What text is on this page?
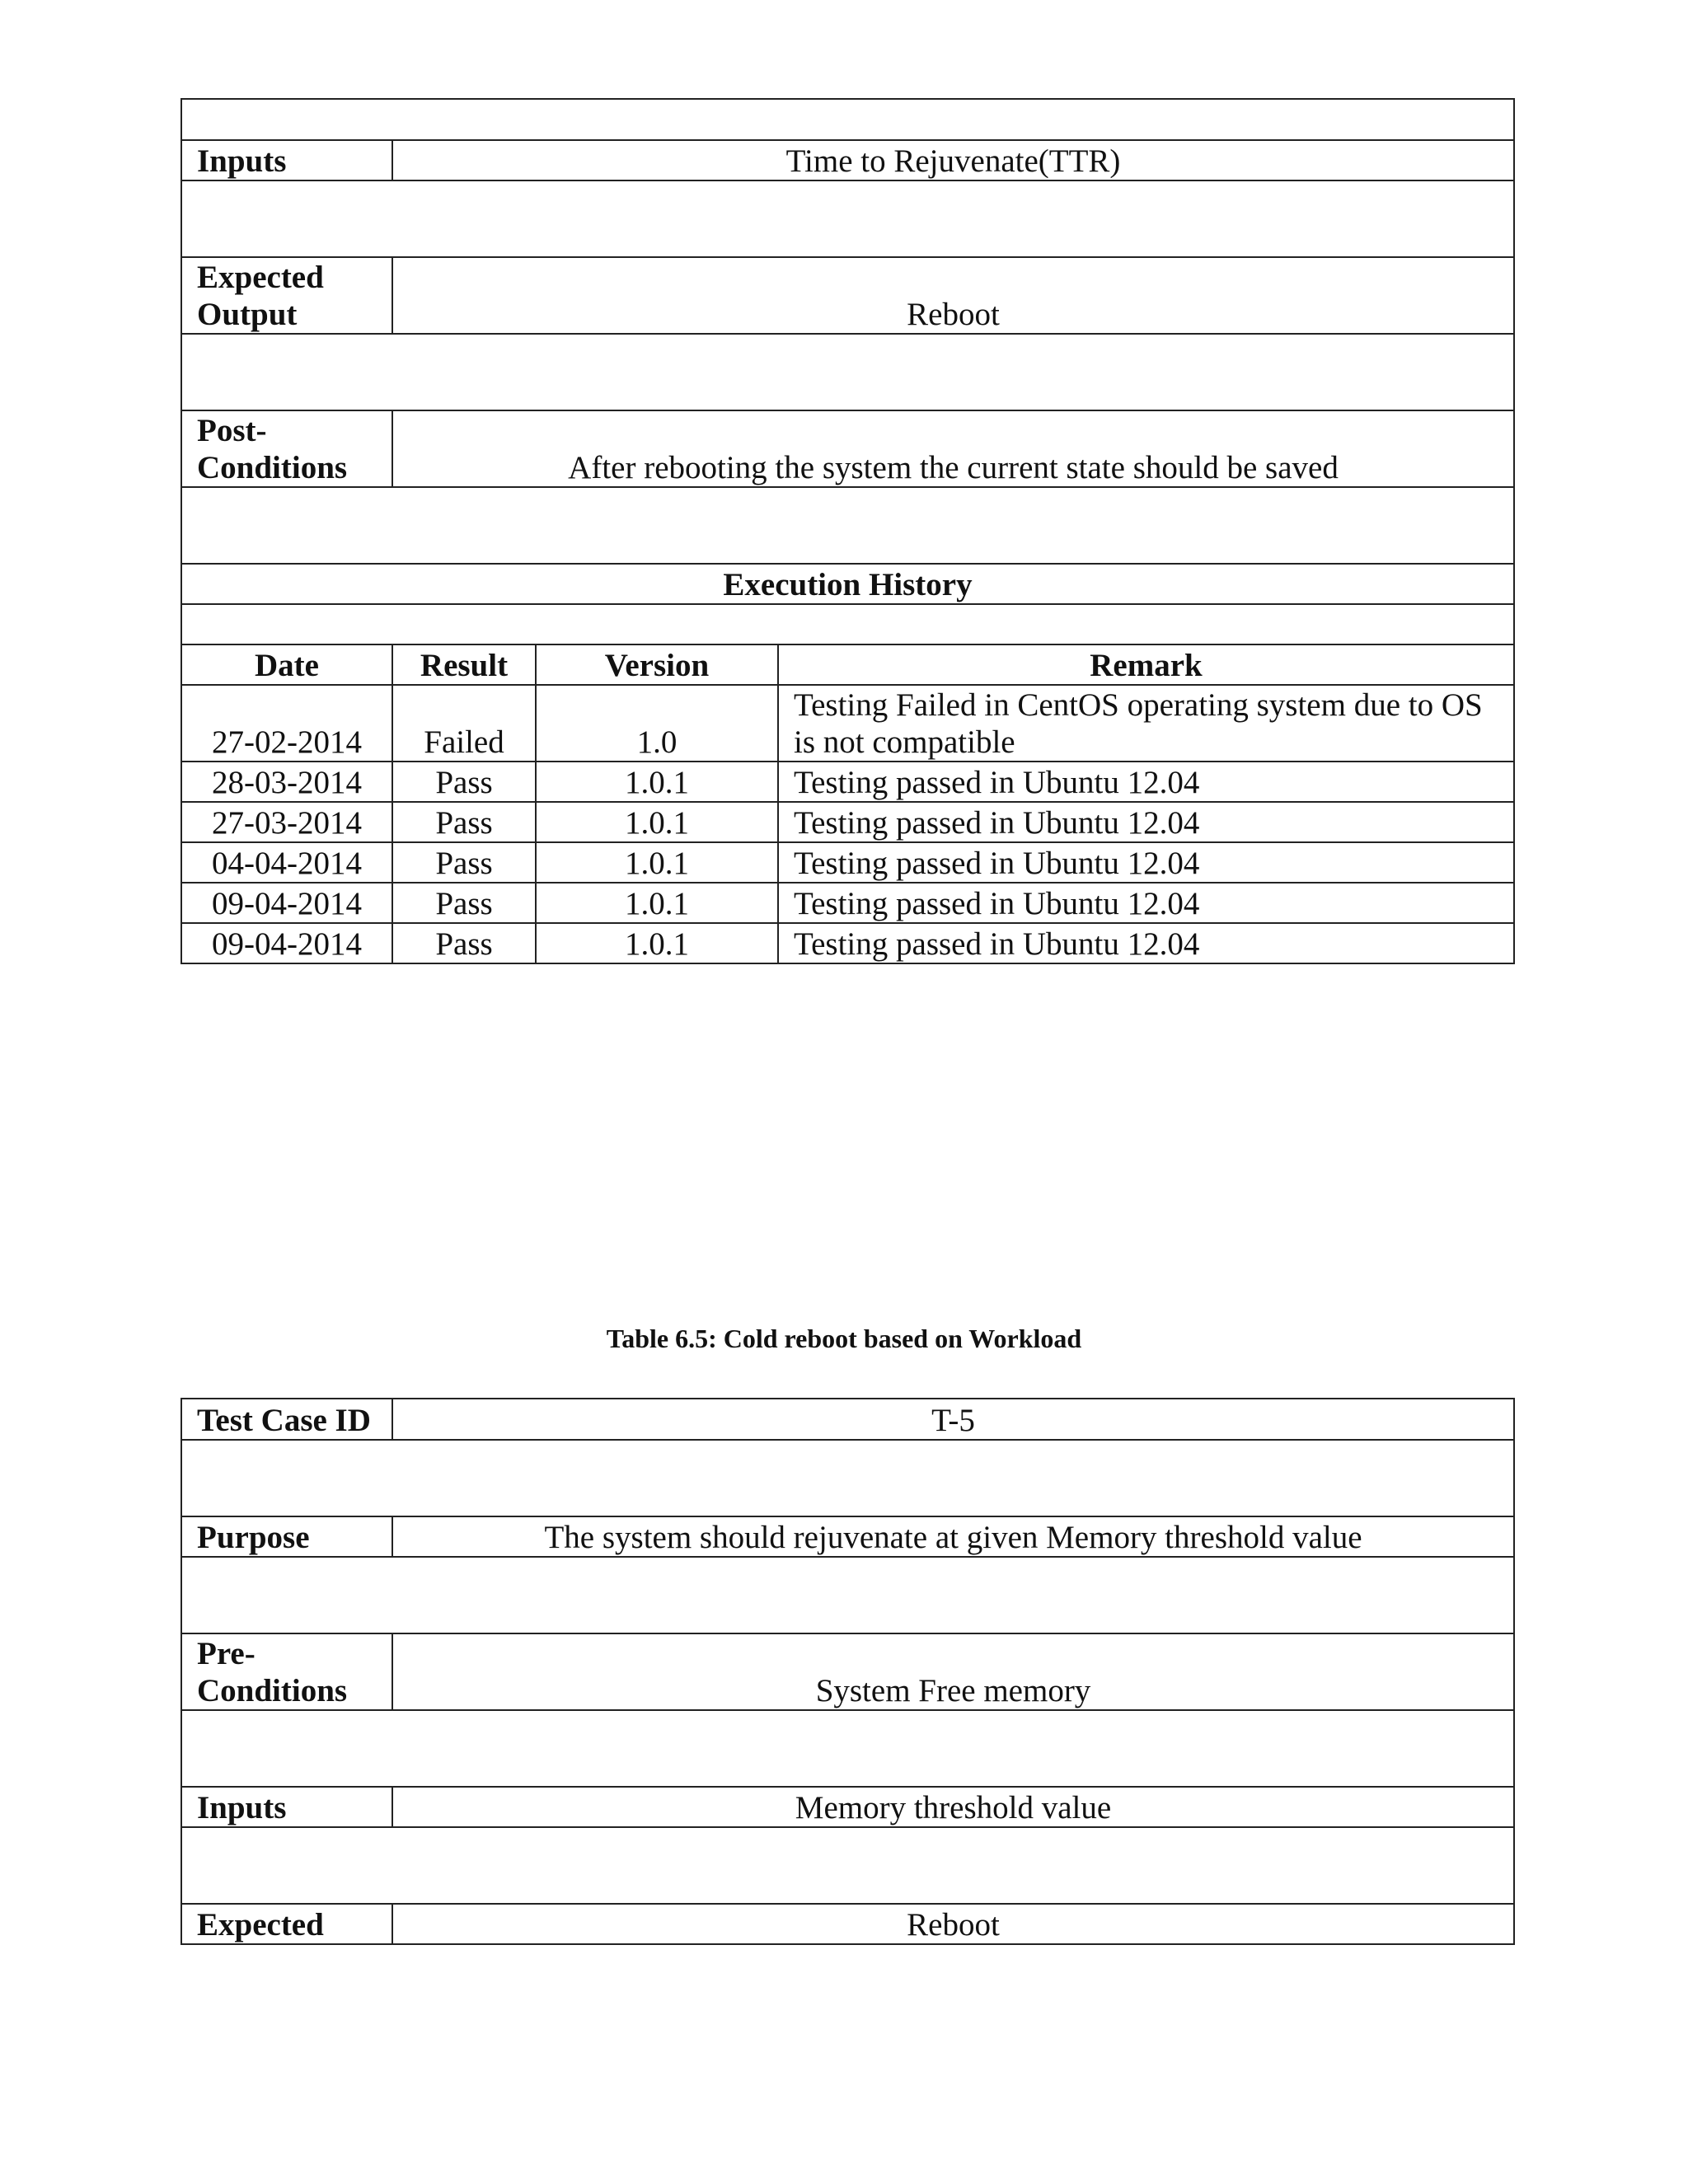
Inputs	Time to Rejuvenate(TTR)		

Expected Output	Reboot		

Post- Conditions	After rebooting the system the current state should be saved		

Execution History			

Date	Result	Version	Remark
27-02-2014	Failed	1.0	Testing Failed in CentOS operating system due to OS is not compatible
28-03-2014	Pass	1.0.1	Testing passed in Ubuntu 12.04
27-03-2014	Pass	1.0.1	Testing passed in Ubuntu 12.04
04-04-2014	Pass	1.0.1	Testing passed in Ubuntu 12.04
09-04-2014	Pass	1.0.1	Testing passed in Ubuntu 12.04
09-04-2014	Pass	1.0.1	Testing passed in Ubuntu 12.04
Table 6.5: Cold reboot based on Workload
Test Case ID	T-5

Purpose	The system should rejuvenate at given Memory threshold value

Pre- Conditions	System Free memory

Inputs	Memory threshold value

Expected	Reboot
